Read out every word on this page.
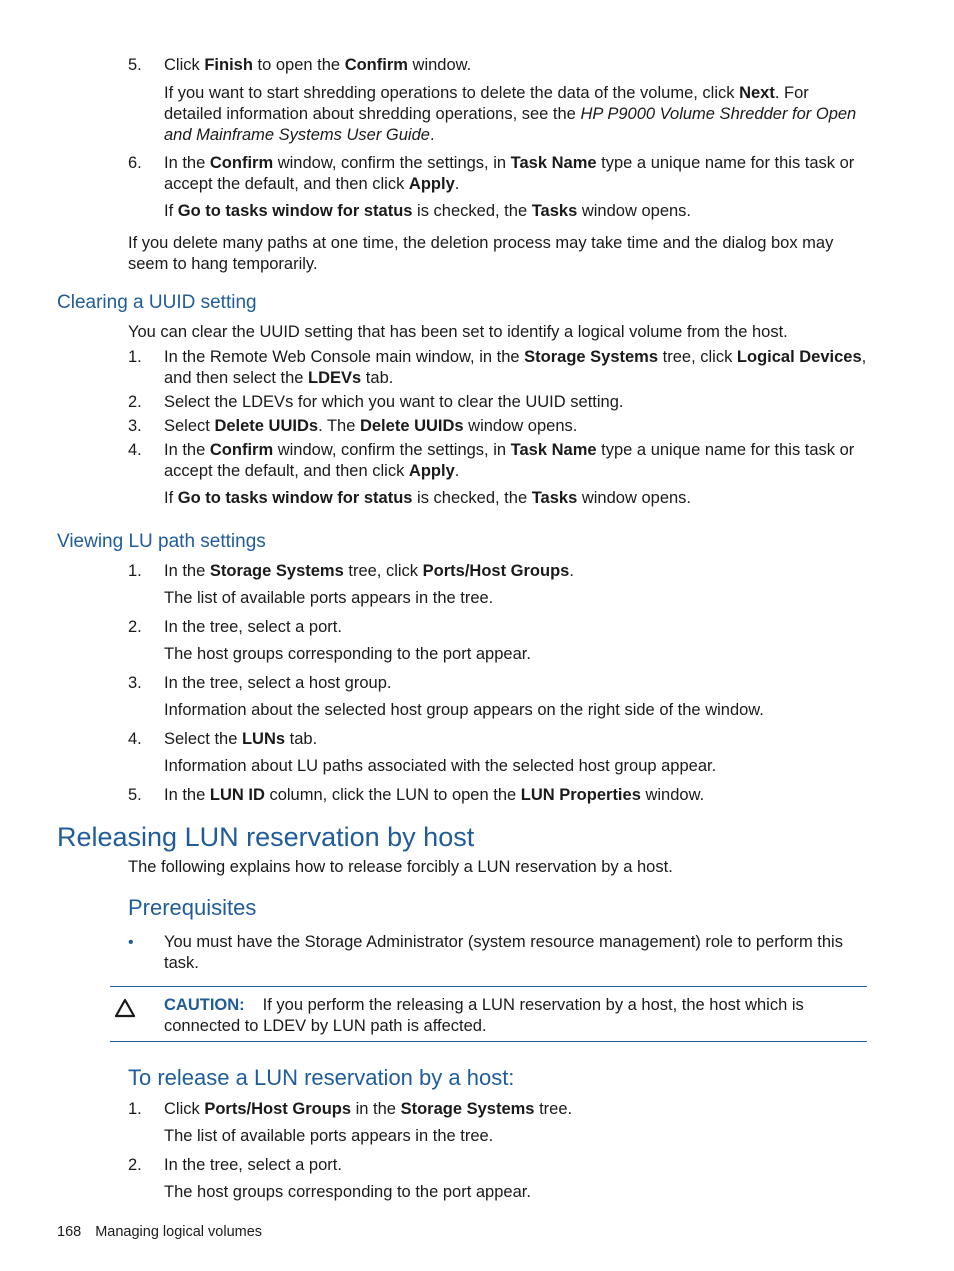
5.	Click Finish to open the Confirm window.
If you want to start shredding operations to delete the data of the volume, click Next. For detailed information about shredding operations, see the HP P9000 Volume Shredder for Open and Mainframe Systems User Guide.
6.	In the Confirm window, confirm the settings, in Task Name type a unique name for this task or accept the default, and then click Apply.
If Go to tasks window for status is checked, the Tasks window opens.
If you delete many paths at one time, the deletion process may take time and the dialog box may seem to hang temporarily.
Clearing a UUID setting
You can clear the UUID setting that has been set to identify a logical volume from the host.
1.	In the Remote Web Console main window, in the Storage Systems tree, click Logical Devices, and then select the LDEVs tab.
2.	Select the LDEVs for which you want to clear the UUID setting.
3.	Select Delete UUIDs. The Delete UUIDs window opens.
4.	In the Confirm window, confirm the settings, in Task Name type a unique name for this task or accept the default, and then click Apply.
If Go to tasks window for status is checked, the Tasks window opens.
Viewing LU path settings
1.	In the Storage Systems tree, click Ports/Host Groups.
The list of available ports appears in the tree.
2.	In the tree, select a port.
The host groups corresponding to the port appear.
3.	In the tree, select a host group.
Information about the selected host group appears on the right side of the window.
4.	Select the LUNs tab.
Information about LU paths associated with the selected host group appear.
5.	In the LUN ID column, click the LUN to open the LUN Properties window.
Releasing LUN reservation by host
The following explains how to release forcibly a LUN reservation by a host.
Prerequisites
• You must have the Storage Administrator (system resource management) role to perform this task.
CAUTION: If you perform the releasing a LUN reservation by a host, the host which is connected to LDEV by LUN path is affected.
To release a LUN reservation by a host:
1.	Click Ports/Host Groups in the Storage Systems tree.
The list of available ports appears in the tree.
2.	In the tree, select a port.
The host groups corresponding to the port appear.
168 Managing logical volumes
